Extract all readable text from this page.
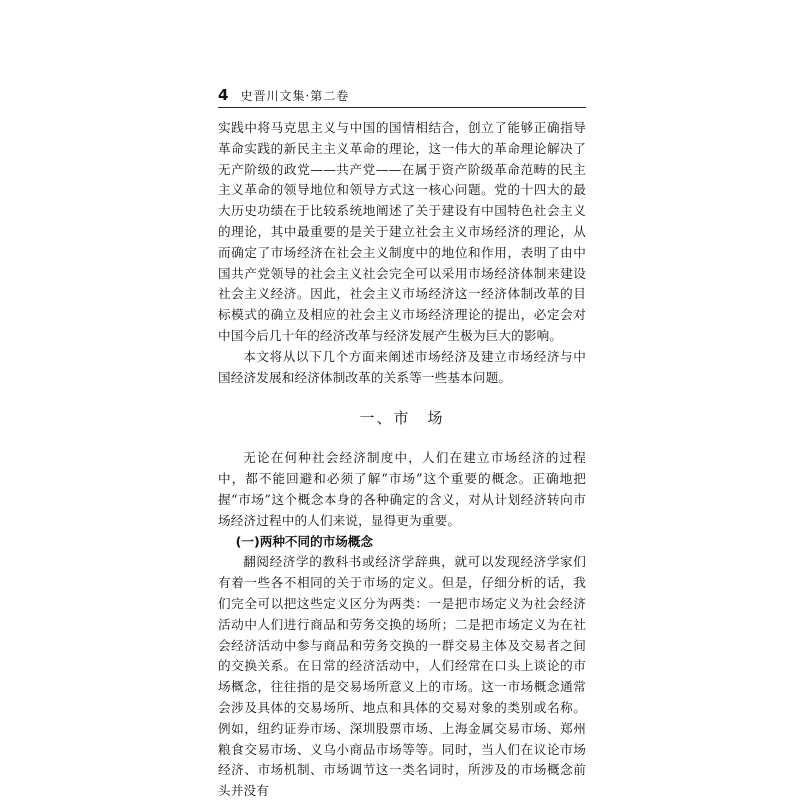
4 史晋川文集·第二卷

实践中将马克思主义与中国的国情相结合，创立了能够正确指导革命实践的新民主主义革命的理论，这一伟大的革命理论解决了无产阶级的政党——共产党——在属于资产阶级革命范畴的民主主义革命的领导地位和领导方式这一核心问题。党的十四大的最大历史功绩在于比较系统地阐述了关于建设有中国特色社会主义的理论，其中最重要的是关于建立社会主义市场经济的理论，从而确定了市场经济在社会主义制度中的地位和作用，表明了由中国共产党领导的社会主义社会完全可以采用市场经济体制来建设社会主义经济。因此，社会主义市场经济这一经济体制改革的目标模式的确立及相应的社会主义市场经济理论的提出，必定会对中国今后几十年的经济改革与经济发展产生极为巨大的影响。

本文将从以下几个方面来阐述市场经济及建立市场经济与中国经济发展和经济体制改革的关系等一些基本问题。

一、市　场

无论在何种社会经济制度中，人们在建立市场经济的过程中，都不能回避和必须了解“市场”这个重要的概念。正确地把握“市场”这个概念本身的各种确定的含义，对从计划经济转向市场经济过程中的人们来说，显得更为重要。

(一)两种不同的市场概念

翻阅经济学的教科书或经济学辞典，就可以发现经济学家们有着一些各不相同的关于市场的定义。但是，仔细分析的话，我们完全可以把这些定义区分为两类：一是把市场定义为社会经济活动中人们进行商品和劳务交换的场所；二是把市场定义为在社会经济活动中参与商品和劳务交换的一群交易主体及交易者之间的交换关系。在日常的经济活动中，人们经常在口头上谈论的市场概念，往往指的是交易场所意义上的市场。这一市场概念通常会涉及具体的交易场所、地点和具体的交易对象的类别或名称。例如，纽约证券市场、深圳股票市场、上海金属交易市场、郑州粮食交易市场、义乌小商品市场等等。同时，当人们在议论市场经济、市场机制、市场调节这一类名词时，所涉及的市场概念前头并没有
